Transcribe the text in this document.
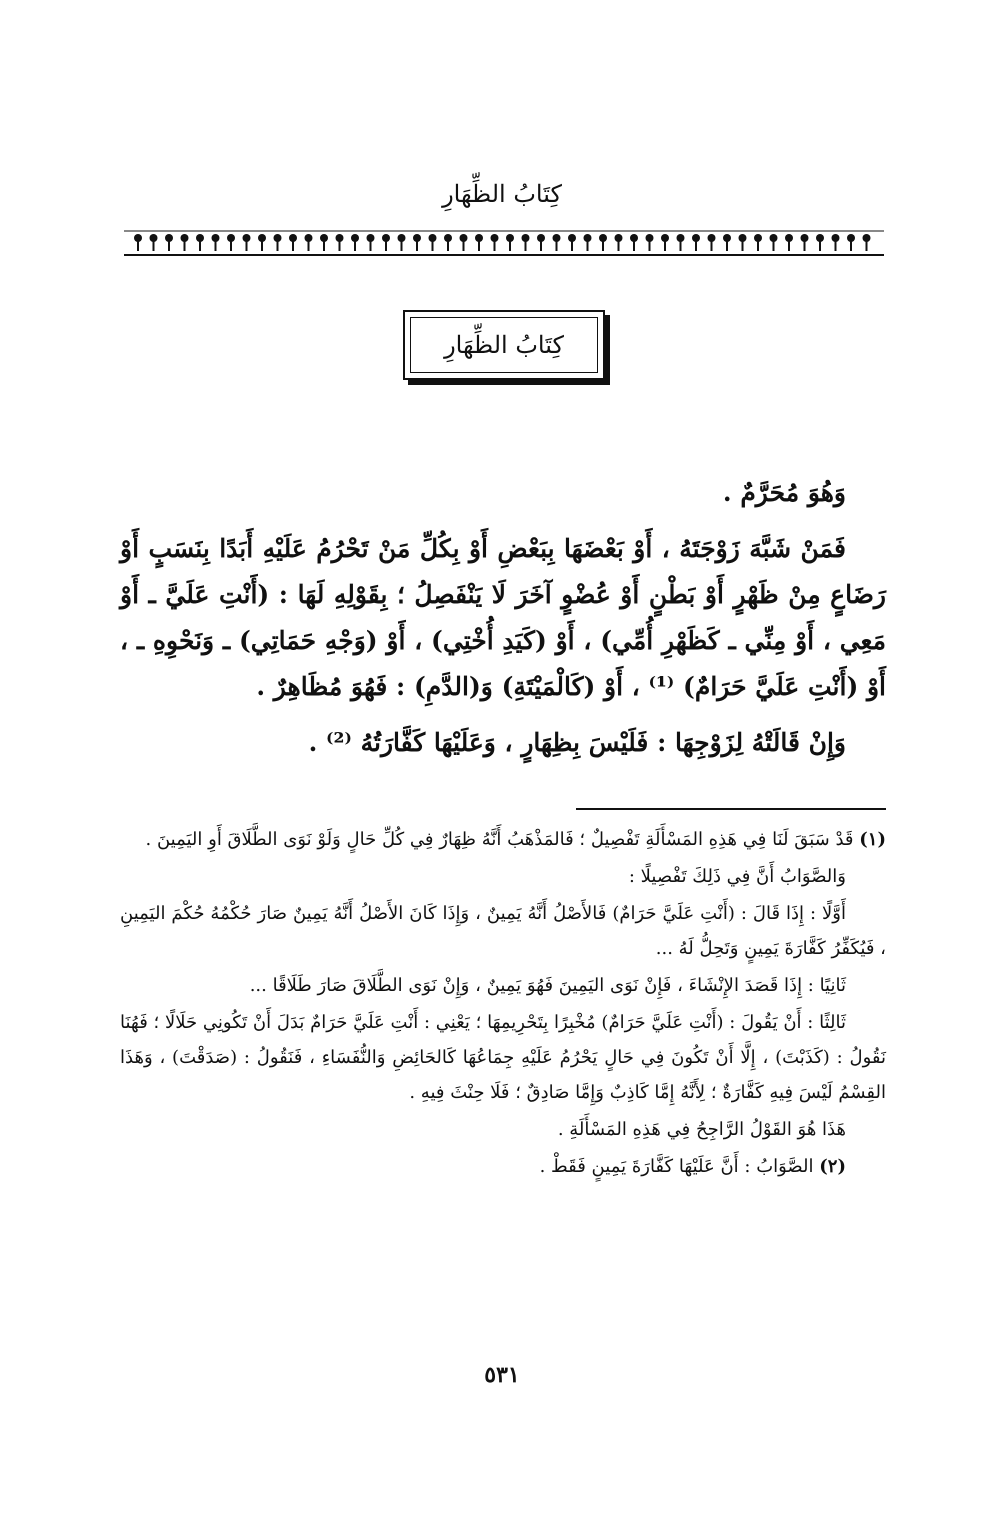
كِتَابُ الظِّهَارِ
كِتَابُ الظِّهَارِ

وَهُوَ مُحَرَّمٌ .

فَمَنْ شَبَّهَ زَوْجَتَهُ ، أَوْ بَعْضَهَا بِبَعْضِ أَوْ بِكُلِّ مَنْ تَحْرُمُ عَلَيْهِ أَبَدًا بِنَسَبٍ أَوْ رَضَاعٍ مِنْ ظَهْرٍ أَوْ بَطْنٍ أَوْ عُضْوٍ آخَرَ لَا يَنْفَصِلُ ؛ بِقَوْلِهِ لَهَا : (أَنْتِ عَلَيَّ ـ أَوْ مَعِي ، أَوْ مِنِّي ـ كَظَهْرِ أُمِّي) ، أَوْ (كَيَدِ أُخْتِي) ، أَوْ (وَجْهِ حَمَاتِي) ـ وَنَحْوِهِ ـ ، أَوْ (أَنْتِ عَلَيَّ حَرَامٌ) ⁽¹⁾ ، أَوْ (كَالْمَيْتَةِ) وَ(الدَّمِ) : فَهُوَ مُظَاهِرٌ .

وَإِنْ قَالَتْهُ لِزَوْجِهَا : فَلَيْسَ بِظِهَارٍ ، وَعَلَيْهَا كَفَّارَتُهُ ⁽²⁾ .

(١) قَدْ سَبَقَ لَنَا فِي هَذِهِ المَسْأَلَةِ تَفْصِيلٌ ؛ فَالمَذْهَبُ أَنَّهُ ظِهَارٌ فِي كُلِّ حَالٍ وَلَوْ نَوَى الطَّلَاقَ أَوِ اليَمِينَ .

وَالصَّوَابُ أَنَّ فِي ذَلِكَ تَفْصِيلًا :

أَوَّلًا : إِذَا قَالَ : (أَنْتِ عَلَيَّ حَرَامٌ) فَالأَصْلُ أَنَّهُ يَمِينٌ ، وَإِذَا كَانَ الأَصْلُ أَنَّهُ يَمِينٌ صَارَ حُكْمُهُ حُكْمَ اليَمِينِ ، فَيُكَفِّرُ كَفَّارَةَ يَمِينٍ وَتَحِلُّ لَهُ ...

ثَانِيًا : إِذَا قَصَدَ الإِنْشَاءَ ، فَإِنْ نَوَى اليَمِينَ فَهُوَ يَمِينٌ ، وَإِنْ نَوَى الطَّلَاقَ صَارَ طَلَاقًا ...

ثَالِثًا : أَنْ يَقُولَ : (أَنْتِ عَلَيَّ حَرَامٌ) مُخْبِرًا بِتَحْرِيمِهَا ؛ يَعْنِي : أَنْتِ عَلَيَّ حَرَامٌ بَدَلَ أَنْ تَكُونِي حَلَالًا ؛ فَهُنَا نَقُولُ : (كَذَبْتَ) ، إِلَّا أَنْ تَكُونَ فِي حَالٍ يَحْرُمُ عَلَيْهِ جِمَاعُهَا كَالحَائِضِ وَالنُّفَسَاءِ ، فَنَقُولُ : (صَدَقْتَ) ، وَهَذَا القِسْمُ لَيْسَ فِيهِ كَفَّارَةٌ ؛ لِأَنَّهُ إِمَّا كَاذِبٌ وَإِمَّا صَادِقٌ ؛ فَلَا حِنْثَ فِيهِ .

هَذَا هُوَ القَوْلُ الرَّاجِحُ فِي هَذِهِ المَسْأَلَةِ .

(٢) الصَّوَابُ : أَنَّ عَلَيْهَا كَفَّارَةَ يَمِينٍ فَقَطْ .

٥٣١
